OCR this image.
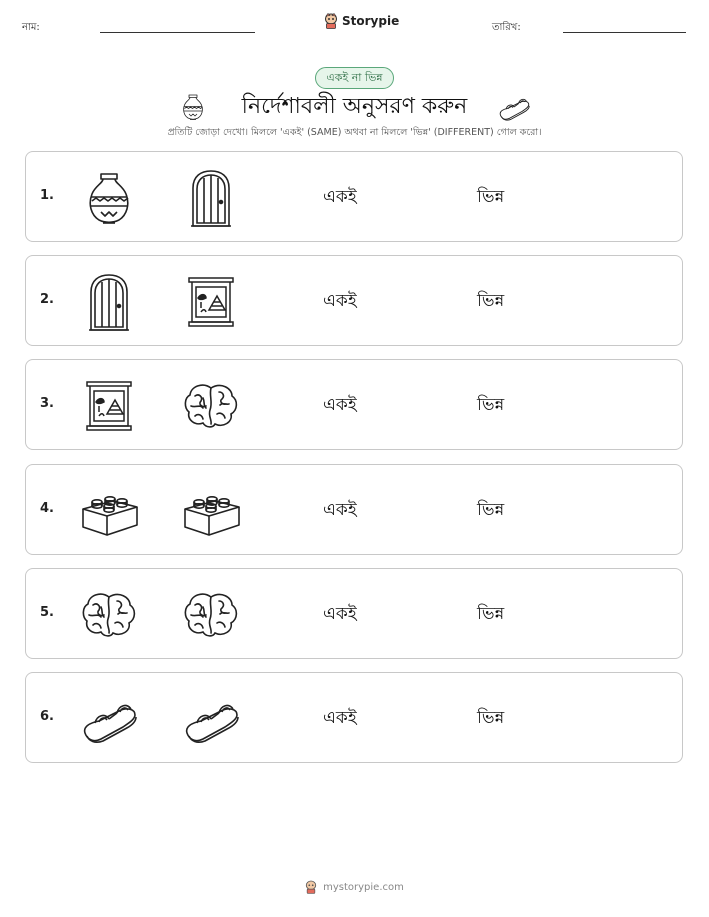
নাম:	Storypie	তারিখ:
একই না ভিন্ন
নির্দেশাবলী অনুসরণ করুন
প্রতিটি জোড়া দেখো। মিললে 'একই' (SAME) অথবা না মিললে 'ভিন্ন' (DIFFERENT) গোল করো।
1.	একই	ভিন্ন
2.	একই	ভিন্ন
3.	একই	ভিন্ন
4.	একই	ভিন্ন
5.	একই	ভিন্ন
6.	একই	ভিন্ন
mystorypie.com
